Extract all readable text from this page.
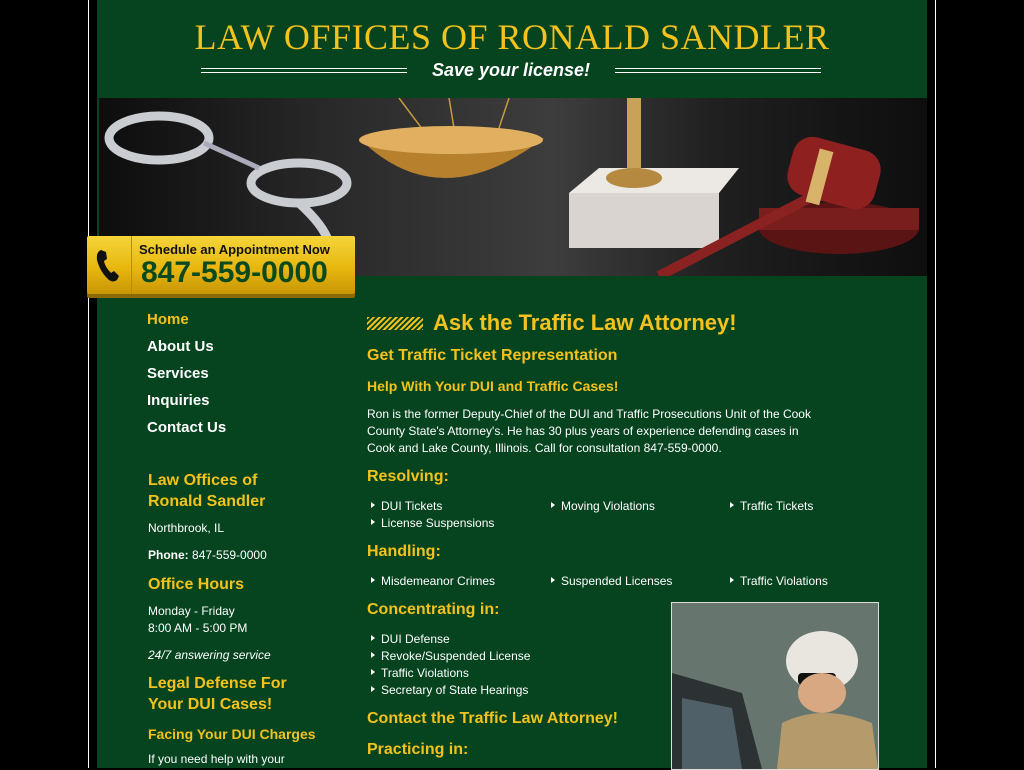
LAW OFFICES OF RONALD SANDLER
Save your license!
Schedule an Appointment Now
847-559-0000
Home
About Us
Services
Inquiries
Contact Us

Law Offices of

Ronald Sandler

Northbrook, IL

Phone: 847-559-0000

Office Hours

Monday - Friday

8:00 AM - 5:00 PM

24/7 answering service

Legal Defense For

Your DUI Cases!

Facing Your DUI Charges

If you need help with your

Ask the Traffic Law Attorney!
Get Traffic Ticket Representation
Help With Your DUI and Traffic Cases!

Ron is the former Deputy-Chief of the DUI and Traffic Prosecutions Unit of the Cook County State's Attorney's. He has 30 plus years of experience defending cases in Cook and Lake County, Illinois. Call for consultation 847-559-0000.

Resolving:
DUI Tickets	Moving Violations	Traffic Tickets
License Suspensions
Handling:
Misdemeanor Crimes	Suspended Licenses	Traffic Violations
Concentrating in:
DUI Defense
Revoke/Suspended License
Traffic Violations
Secretary of State Hearings
Contact the Traffic Law Attorney!
Practicing in:
